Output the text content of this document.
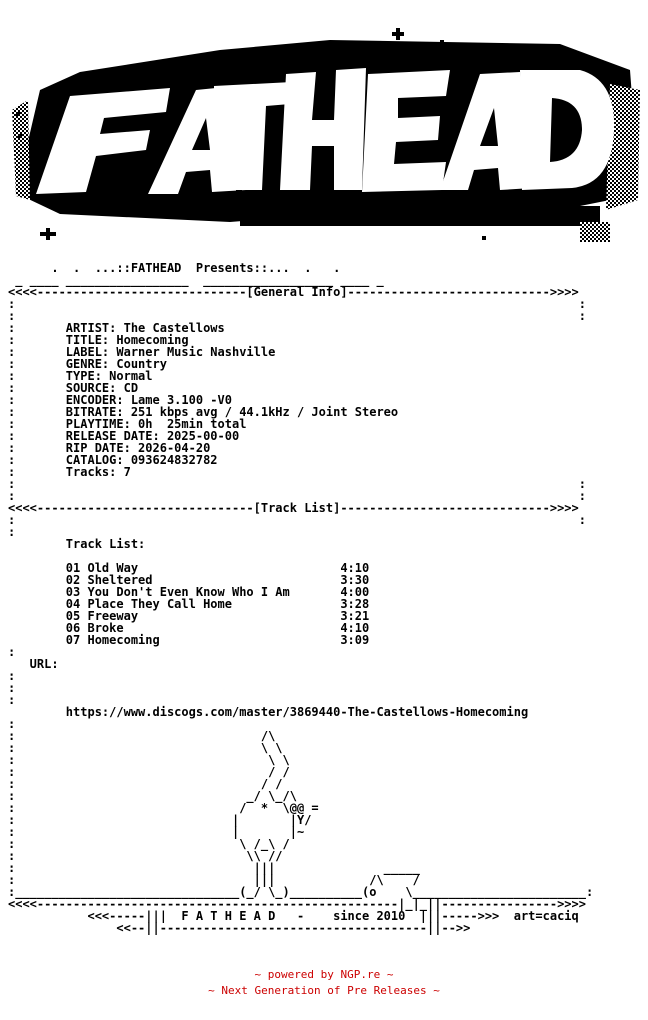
.  .  ...::FATHEAD  Presents::...  .   .
_ ____ _________________  __________________ ____ _
<<<<-----------------------------[General Info]---------------------------->>>>
:                                                                              :
:                                                                              :
:       ARTIST: The Castellows
:       TITLE: Homecoming
:       LABEL: Warner Music Nashville
:       GENRE: Country
:       TYPE: Normal
:       SOURCE: CD
:       ENCODER: Lame 3.100 -V0
:       BITRATE: 251 kbps avg / 44.1kHz / Joint Stereo
:       PLAYTIME: 0h  25min total
:       RELEASE DATE: 2025-00-00
:       RIP DATE: 2026-04-20
:       CATALOG: 093624832782
:       Tracks: 7
:                                                                              :
:                                                                              :
<<<<------------------------------[Track List]----------------------------->>>>
:                                                                              :
:
Track List:

01 Old Way                            4:10
02 Sheltered                          3:30
03 You Don't Even Know Who I Am       4:00
04 Place They Call Home               3:28
05 Freeway                            3:21
06 Broke                              4:10
07 Homecoming                         3:09
:
URL:
:
:
:
https://www.discogs.com/master/3869440-The-Castellows-Homecoming
:
:                                  /\
:                                  \ \
:                                   \ \
:                                   / /
:                                  / /
:                                _/ \_/\
:                               /  *  \@@ =
:                              |       |Y/
:                              |       |~
:                               \ /_\ /
:                                \\ //
:                                 |||               _____
:                                 |||             /\    /
:_______________________________(_/ \_)__________(o    \________________________:
<<<<--------------------------------------------------|_|_||---------------->>>>
<<<-----|||  F A T H E A D   -    since 2010  |||----->>>  art=caciq
<<--||-------------------------------------||-->>

~ powered by NGP.re ~
~ Next Generation of Pre Releases ~
